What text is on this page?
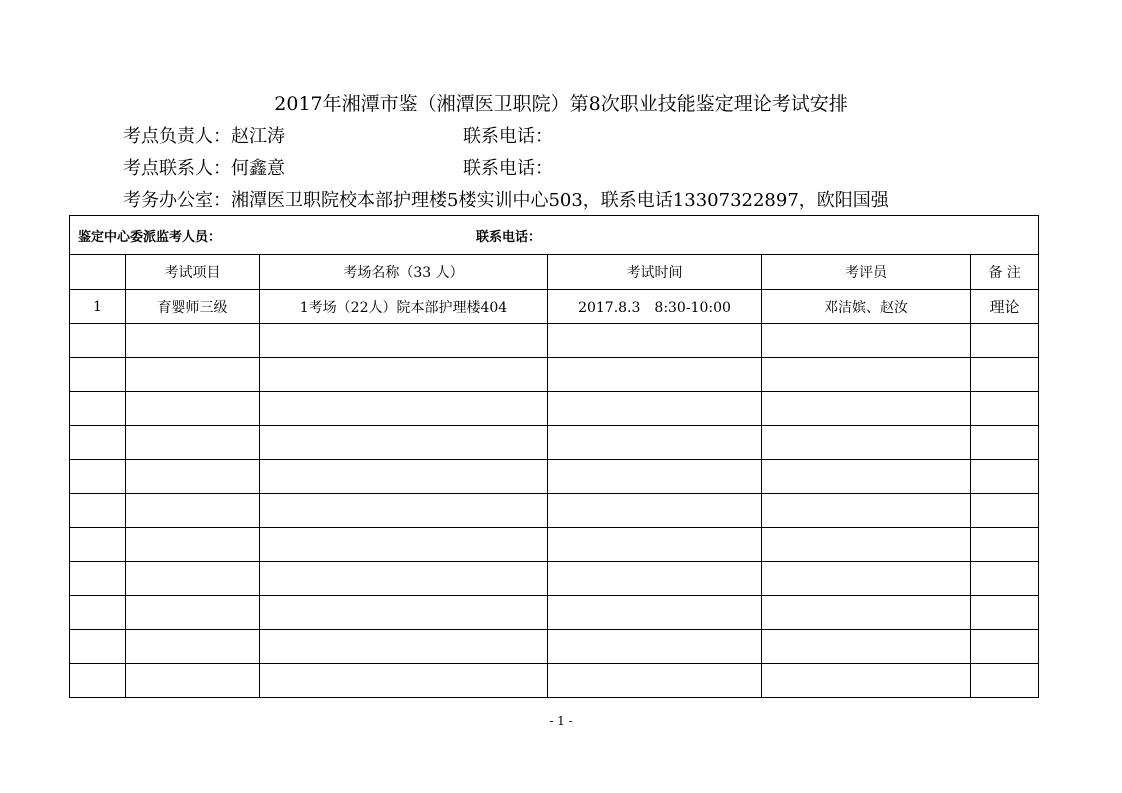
2017年湘潭市鉴（湘潭医卫职院）第8次职业技能鉴定理论考试安排
考点负责人：赵江涛	联系电话：
考点联系人：何鑫意	联系电话：
考务办公室：湘潭医卫职院校本部护理楼5楼实训中心503，联系电话13307322897，欧阳国强
鉴定中心委派监考人员： 联系电话：					
	考试项目	考场名称（33 人）	考试时间	考评员	备 注
1	育婴师三级	1考场（22人）院本部护理楼404	2017.8.3　8:30-10:00	邓洁嫔、赵汝	理论

- 1 -
